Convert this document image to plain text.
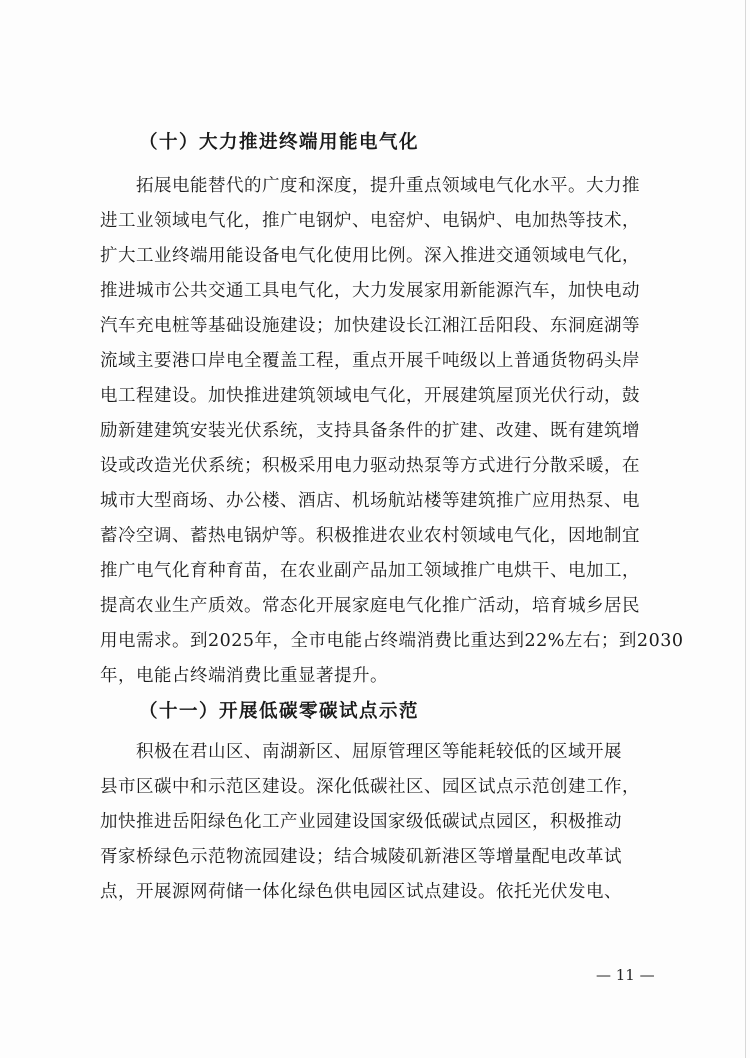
（十）大力推进终端用能电气化
拓展电能替代的广度和深度，提升重点领域电气化水平。大力推
进工业领域电气化，推广电钢炉、电窑炉、电锅炉、电加热等技术，
扩大工业终端用能设备电气化使用比例。深入推进交通领域电气化，
推进城市公共交通工具电气化，大力发展家用新能源汽车，加快电动
汽车充电桩等基础设施建设；加快建设长江湘江岳阳段、东洞庭湖等
流域主要港口岸电全覆盖工程，重点开展千吨级以上普通货物码头岸
电工程建设。加快推进建筑领域电气化，开展建筑屋顶光伏行动，鼓
励新建建筑安装光伏系统，支持具备条件的扩建、改建、既有建筑增
设或改造光伏系统；积极采用电力驱动热泵等方式进行分散采暖，在
城市大型商场、办公楼、酒店、机场航站楼等建筑推广应用热泵、电
蓄冷空调、蓄热电锅炉等。积极推进农业农村领域电气化，因地制宜
推广电气化育种育苗，在农业副产品加工领域推广电烘干、电加工，
提高农业生产质效。常态化开展家庭电气化推广活动，培育城乡居民
用电需求。到2025年，全市电能占终端消费比重达到22%左右；到2030
年，电能占终端消费比重显著提升。
（十一）开展低碳零碳试点示范
积极在君山区、南湖新区、屈原管理区等能耗较低的区域开展
县市区碳中和示范区建设。深化低碳社区、园区试点示范创建工作，
加快推进岳阳绿色化工产业园建设国家级低碳试点园区，积极推动
胥家桥绿色示范物流园建设；结合城陵矶新港区等增量配电改革试
点，开展源网荷储一体化绿色供电园区试点建设。依托光伏发电、
— 11 —
